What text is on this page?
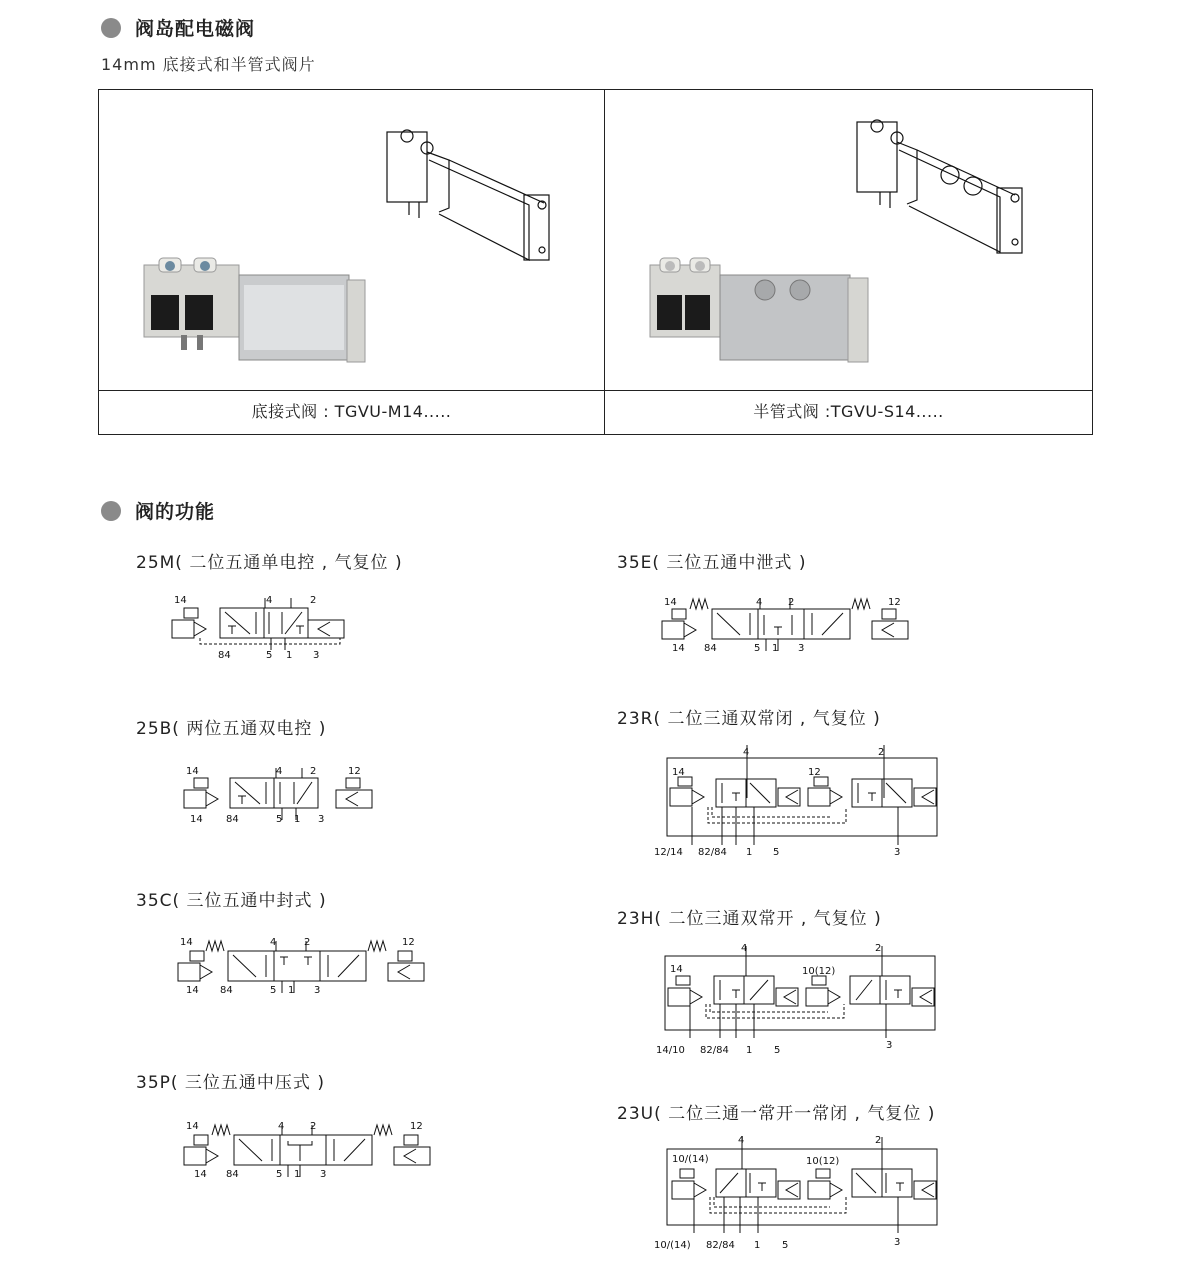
阀岛配电磁阀
14mm 底接式和半管式阀片
底接式阀 : TGVU-M14.....	半管式阀 :TGVU-S14.....
阀的功能
25M( 二位五通单电控 , 气复位 )
25B( 两位五通双电控 )
35C( 三位五通中封式 )
35P( 三位五通中压式 )
35E( 三位五通中泄式 )
23R( 二位三通双常闭 , 气复位 )
23H( 二位三通双常开 , 气复位 )
23U( 二位三通一常开一常闭 , 气复位 )
14	4	2
84	5 1 3
14	4	2	12
14 84	5 1 3
14	4	2	12
14 84	5 1 3
14	4	2	12
14 84	5 1 3
14	4	2	12
14 84	5 1 3
4	2
14	12
12/14 82/84 1 5	3
4	2
14	10(12)
14/10 82/84 1 5	3
4	2
10/(14)	10(12)
10/(14) 82/84 1 5	3
